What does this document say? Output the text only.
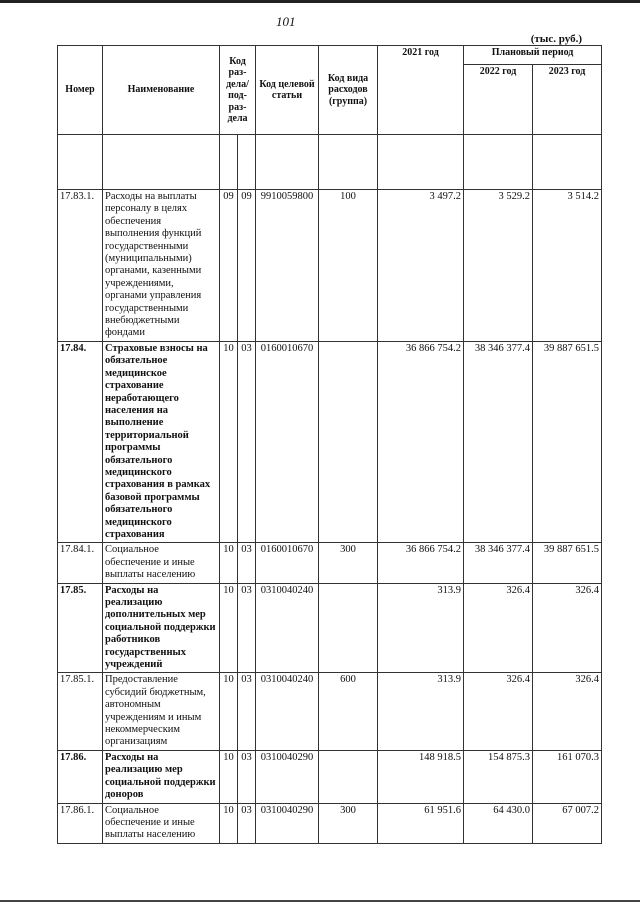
101
(тыс. руб.)
Номер	Наименование	Код раз-дела/ под-раз-дела		Код целевой статьи	Код вида расходов (группа)	2021 год	Плановый период	
							2022 год	2023 год

17.83.1.	Расходы на выплаты персоналу в целях обеспечения выполнения функций государственными (муниципальными) органами, казенными учреждениями, органами управления государственными внебюджетными фондами	09	09	9910059800	100	3 497.2	3 529.2	3 514.2
17.84.	Страховые взносы на обязательное медицинское страхование неработающего населения на выполнение территориальной программы обязательного медицинского страхования в рамках базовой программы обязательного медицинского страхования	10	03	0160010670		36 866 754.2	38 346 377.4	39 887 651.5
17.84.1.	Социальное обеспечение и иные выплаты населению	10	03	0160010670	300	36 866 754.2	38 346 377.4	39 887 651.5
17.85.	Расходы на реализацию дополнительных мер социальной поддержки работников государственных учреждений	10	03	0310040240		313.9	326.4	326.4
17.85.1.	Предоставление субсидий бюджетным, автономным учреждениям и иным некоммерческим организациям	10	03	0310040240	600	313.9	326.4	326.4
17.86.	Расходы на реализацию мер социальной поддержки доноров	10	03	0310040290		148 918.5	154 875.3	161 070.3
17.86.1.	Социальное обеспечение и иные выплаты населению	10	03	0310040290	300	61 951.6	64 430.0	67 007.2
